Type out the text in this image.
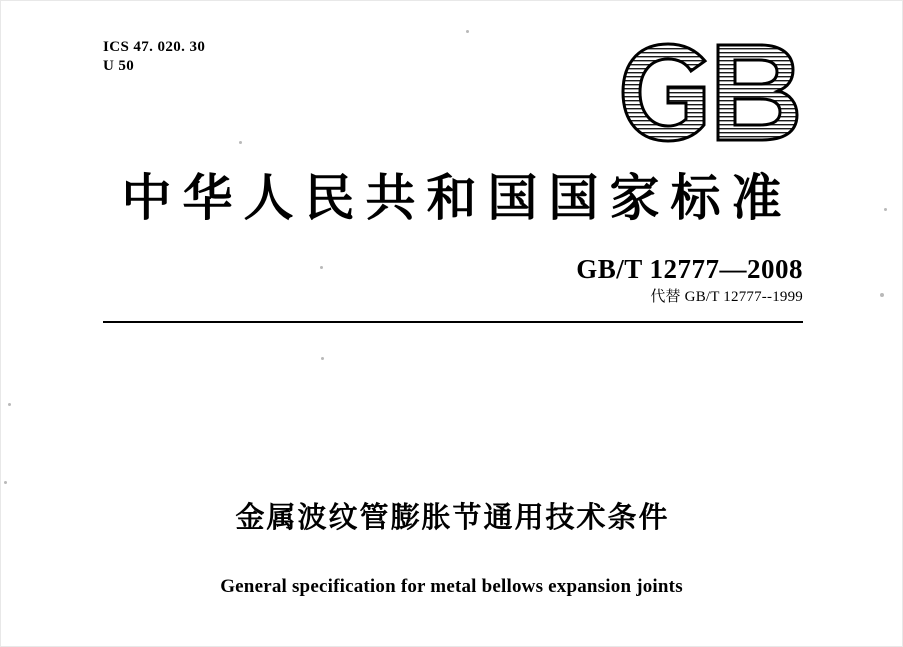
ICS 47. 020. 30
U 50
中华人民共和国国家标准
GB/T 12777—2008
代替 GB/T 12777--1999
金属波纹管膨胀节通用技术条件
General specification for metal bellows expansion joints
